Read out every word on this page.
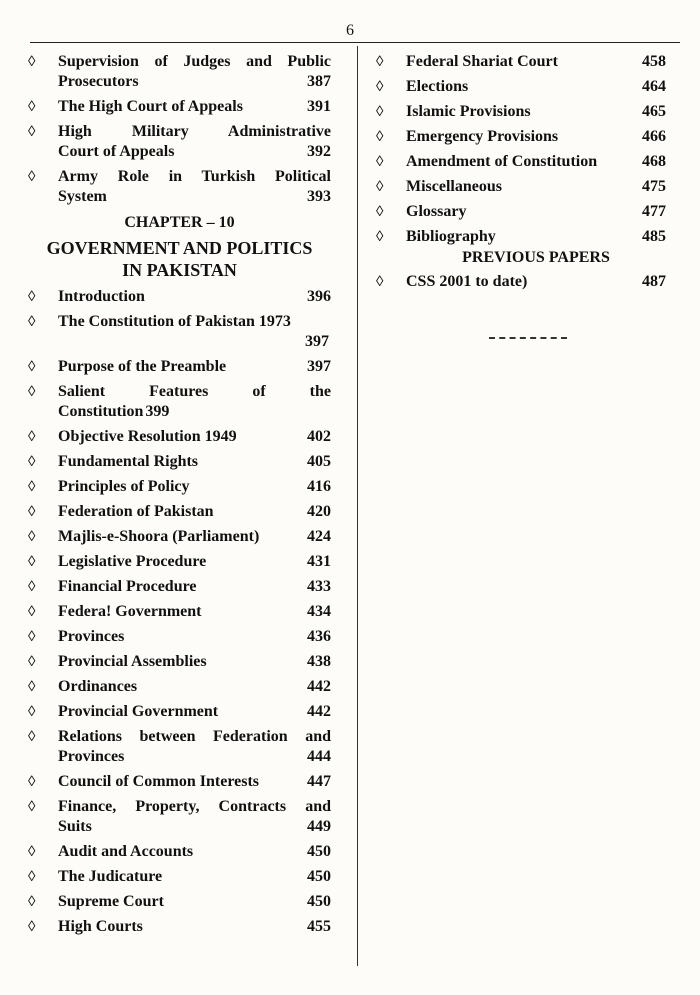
6
◊ Supervision of Judges and Public
Prosecutors	387
◊ The High Court of Appeals	391
◊ High Military Administrative
Court of Appeals	392
◊ Army Role in Turkish Political
System	393
CHAPTER – 10
GOVERNMENT AND POLITICS
IN PAKISTAN
◊ Introduction	396
◊ The Constitution of Pakistan 1973
397
◊ Purpose of the Preamble	397
◊ Salient Features of the
Constitution 399
◊ Objective Resolution 1949	402
◊ Fundamental Rights	405
◊ Principles of Policy	416
◊ Federation of Pakistan	420
◊ Majlis-e-Shoora (Parliament)	424
◊ Legislative Procedure	431
◊ Financial Procedure	433
◊ Federa! Government	434
◊ Provinces	436
◊ Provincial Assemblies	438
◊ Ordinances	442
◊ Provincial Government	442
◊ Relations between Federation and
Provinces	444
◊ Council of Common Interests	447
◊ Finance, Property, Contracts and
Suits	449
◊ Audit and Accounts	450
◊ The Judicature	450
◊ Supreme Court	450
◊ High Courts	455
◊ Federal Shariat Court	458
◊ Elections	464
◊ Islamic Provisions	465
◊ Emergency Provisions	466
◊ Amendment of Constitution	468
◊ Miscellaneous	475
◊ Glossary	477
◊ Bibliography	485
PREVIOUS PAPERS
◊ CSS 2001 to date)	487
